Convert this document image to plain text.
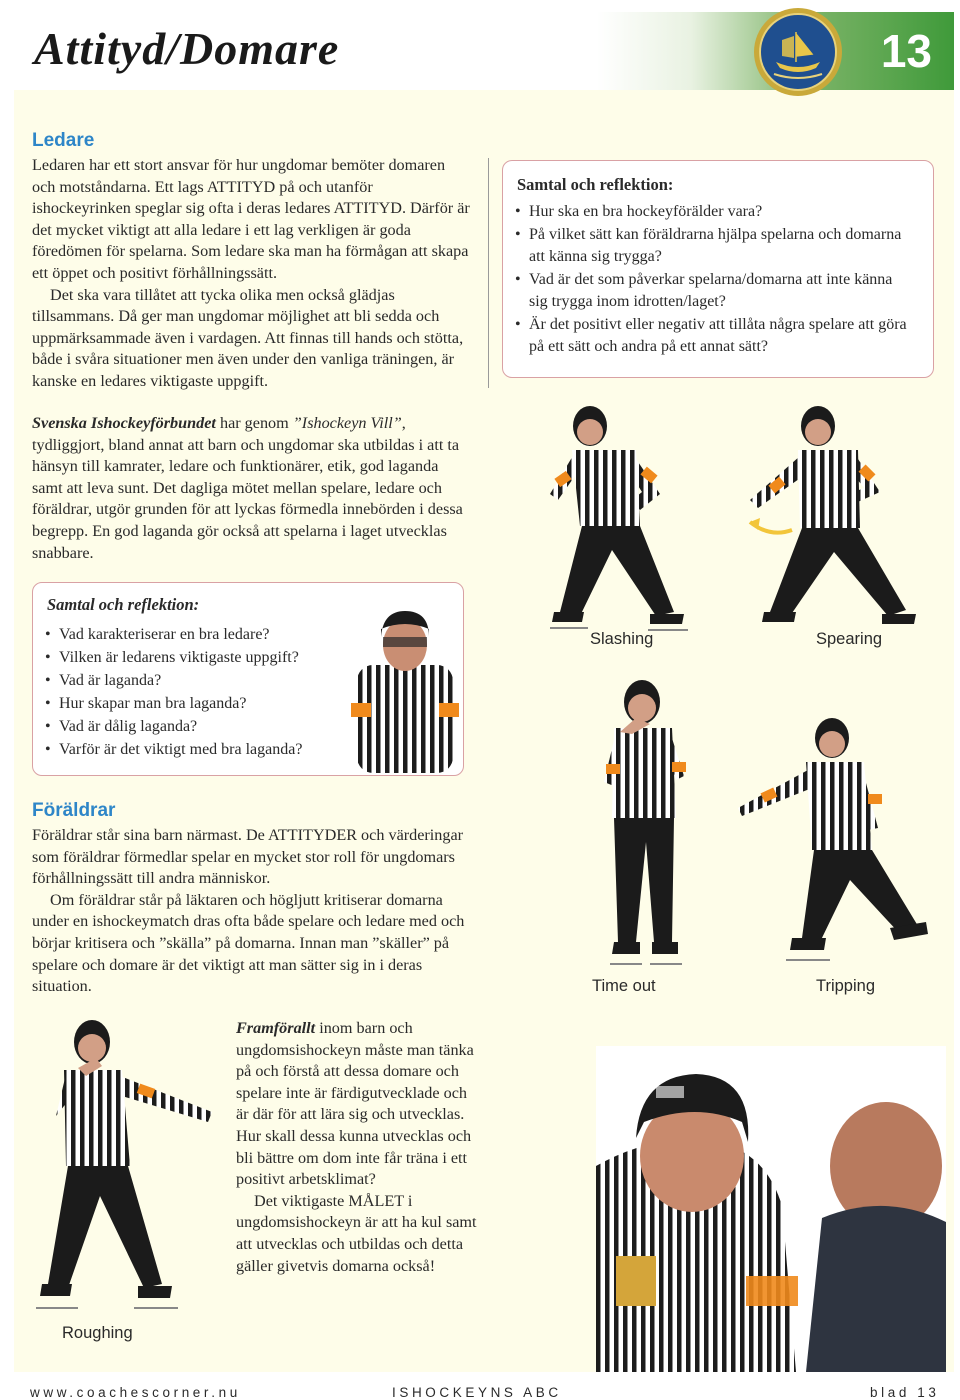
Attityd/Domare	13
Ledare

Ledaren har ett stort ansvar för hur ungdomar bemöter domaren och motståndarna. Ett lags ATTITYD på och utanför ishockeyrinken speglar sig ofta i deras ledares ATTITYD. Därför är det mycket viktigt att alla ledare i ett lag verkligen är goda föredömen för spelarna. Som ledare ska man ha förmågan att skapa ett öppet och positivt förhållningssätt.

Det ska vara tillåtet att tycka olika men också glädjas tillsammans. Då ger man ungdomar möjlighet att bli sedda och uppmärksammade även i vardagen. Att finnas till hands och stötta, både i svåra situationer men även under den vanliga träningen, är kanske en ledares viktigaste uppgift.

Svenska Ishockeyförbundet har genom ”Ishockeyn Vill”, tydliggjort, bland annat att barn och ungdomar ska utbildas i att ta hänsyn till kamrater, ledare och funktionärer, etik, god laganda samt att leva sunt. Det dagliga mötet mellan spelare, ledare och föräldrar, utgör grunden för att lyckas förmedla innebörden i dessa begrepp. En god laganda gör också att spelarna i laget utvecklas snabbare.

Samtal och reflektion:
• Vad karakteriserar en bra ledare?
• Vilken är ledarens viktigaste uppgift?
• Vad är laganda?
• Hur skapar man bra laganda?
• Vad är dålig laganda?
• Varför är det viktigt med bra laganda?
Samtal och reflektion:
• Hur ska en bra hockeyförälder vara?
• På vilket sätt kan föräldrarna hjälpa spelarna och domarna att känna sig trygga?
• Vad är det som påverkar spelarna/domarna att inte känna sig trygga inom idrotten/laget?
• Är det positivt eller negativ att tillåta några spelare att göra på ett sätt och andra på ett annat sätt?
Slashing	Spearing
Time out	Tripping
Föräldrar

Föräldrar står sina barn närmast. De ATTITYDER och värderingar som föräldrar förmedlar spelar en mycket stor roll för ungdomars förhållningssätt till andra människor.

Om föräldrar står på läktaren och högljutt kritiserar domarna under en ishockeymatch dras ofta både spelare och ledare med och börjar kritisera och ”skälla” på domarna. Innan man ”skäller” på spelare och domare är det viktigt att man sätter sig in i deras situation.

Roughing

Framförallt inom barn och ungdomsishockeyn måste man tänka på och förstå att dessa domare och spelare inte är färdigutvecklade och är där för att lära sig och utvecklas. Hur skall dessa kunna utvecklas och bli bättre om dom inte får träna i ett positivt arbetsklimat?

Det viktigaste MÅLET i ungdomsishockeyn är att ha kul samt att utvecklas och utbildas och detta gäller givetvis domarna också!

www.coachescorner.nu	ISHOCKEYNS ABC	blad 13
